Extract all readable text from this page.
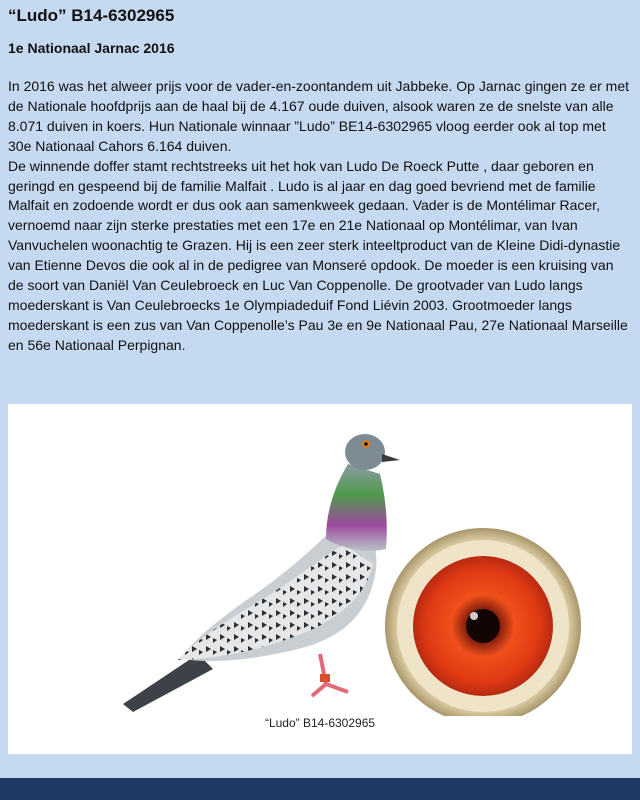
“Ludo” B14-6302965
1e Nationaal Jarnac 2016

In 2016 was het alweer prijs voor de vader-en-zoontandem uit Jabbeke. Op Jarnac gingen ze er met de Nationale hoofdprijs aan de haal bij de 4.167 oude duiven, alsook waren ze de snelste van alle 8.071 duiven in koers. Hun Nationale winnaar ”Ludo” BE14-6302965 vloog eerder ook al top met 30e Nationaal Cahors 6.164 duiven.

De winnende doffer stamt rechtstreeks uit het hok van Ludo De Roeck Putte , daar geboren en geringd en gespeend bij de familie Malfait . Ludo is al jaar en dag goed bevriend met de familie Malfait en zodoende wordt er dus ook aan samenkweek gedaan. Vader is de Montélimar Racer, vernoemd naar zijn sterke prestaties met een 17e en 21e Nationaal op Montélimar, van Ivan Vanvuchelen woonachtig te Grazen. Hij is een zeer sterk inteeltproduct van de Kleine Didi-dynastie van Etienne Devos die ook al in de pedigree van Monseré opdook. De moeder is een kruising van de soort van Daniël Van Ceulebroeck en Luc Van Coppenolle. De grootvader van Ludo langs moederskant is Van Ceulebroecks 1e Olympiadeduif Fond Liévin 2003. Grootmoeder langs moederskant is een zus van Van Coppenolle’s Pau 3e en 9e Nationaal Pau, 27e Nationaal Marseille en 56e Nationaal Perpignan.

“Ludo” B14-6302965
